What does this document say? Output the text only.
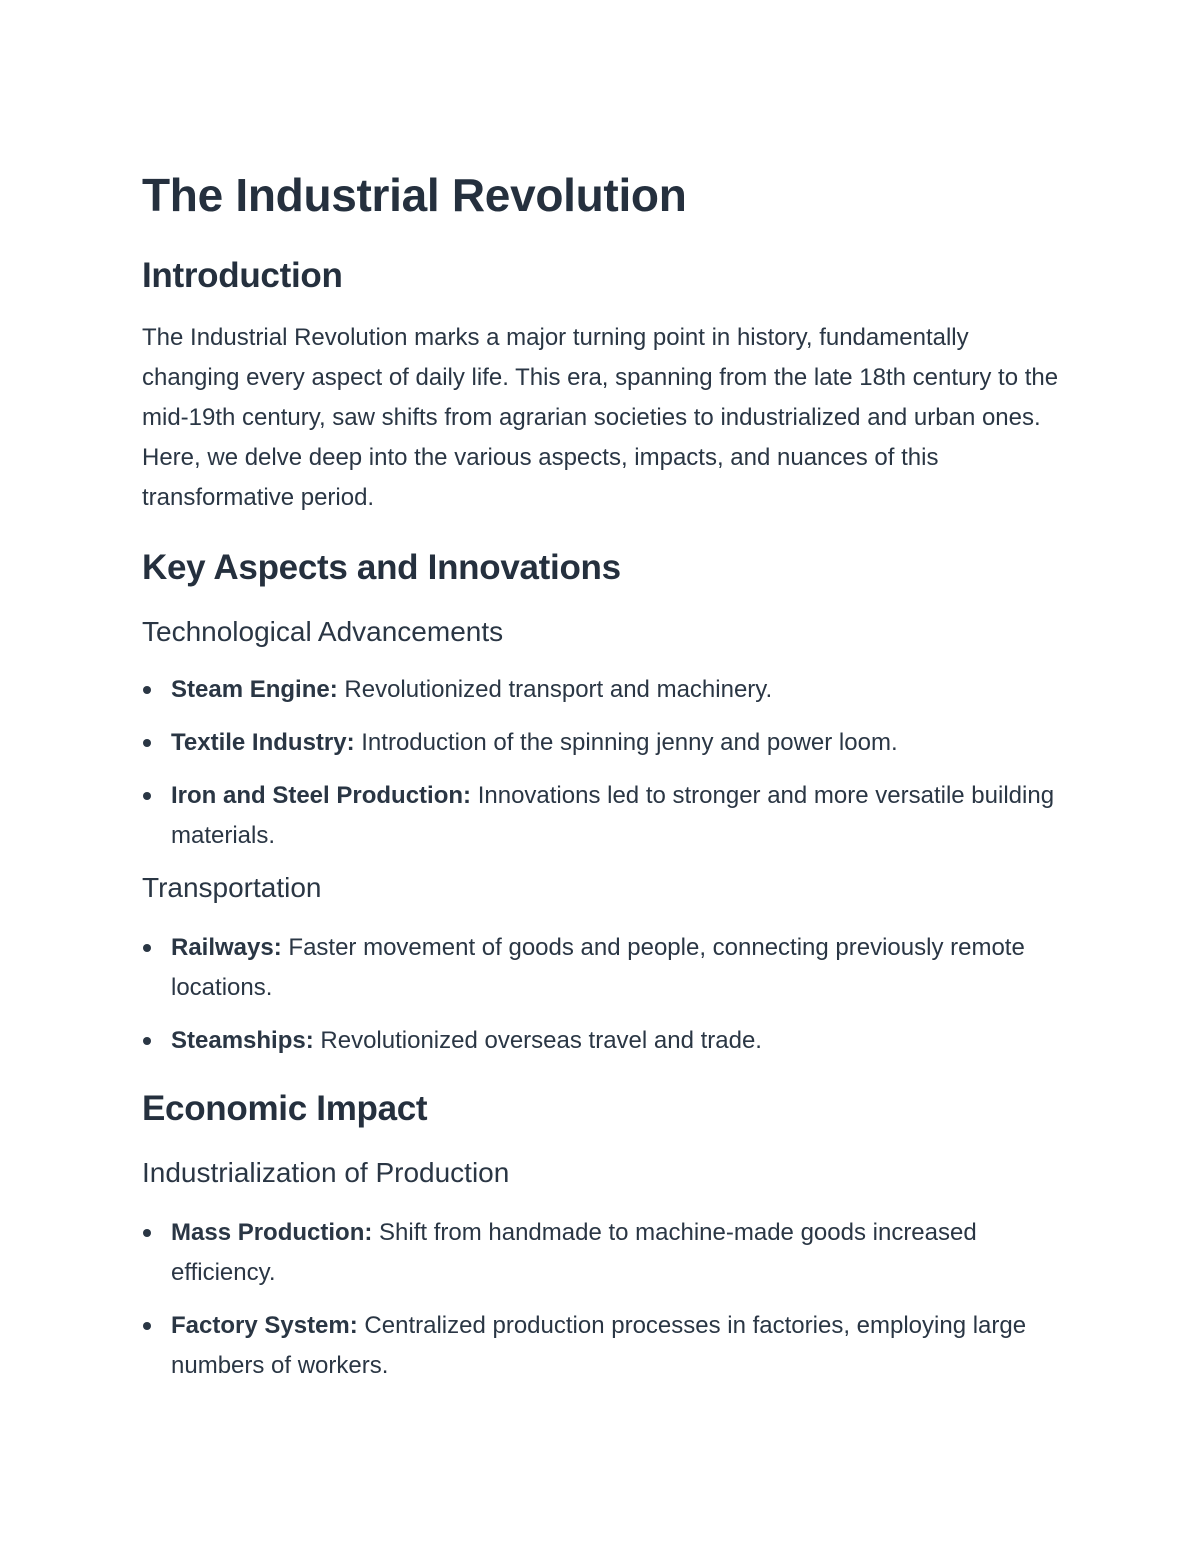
The Industrial Revolution
Introduction

The Industrial Revolution marks a major turning point in history, fundamentally changing every aspect of daily life. This era, spanning from the late 18th century to the mid-19th century, saw shifts from agrarian societies to industrialized and urban ones. Here, we delve deep into the various aspects, impacts, and nuances of this transformative period.

Key Aspects and Innovations
Technological Advancements
Steam Engine: Revolutionized transport and machinery.
Textile Industry: Introduction of the spinning jenny and power loom.
Iron and Steel Production: Innovations led to stronger and more versatile building materials.
Transportation
Railways: Faster movement of goods and people, connecting previously remote locations.
Steamships: Revolutionized overseas travel and trade.
Economic Impact
Industrialization of Production
Mass Production: Shift from handmade to machine-made goods increased efficiency.
Factory System: Centralized production processes in factories, employing large numbers of workers.
